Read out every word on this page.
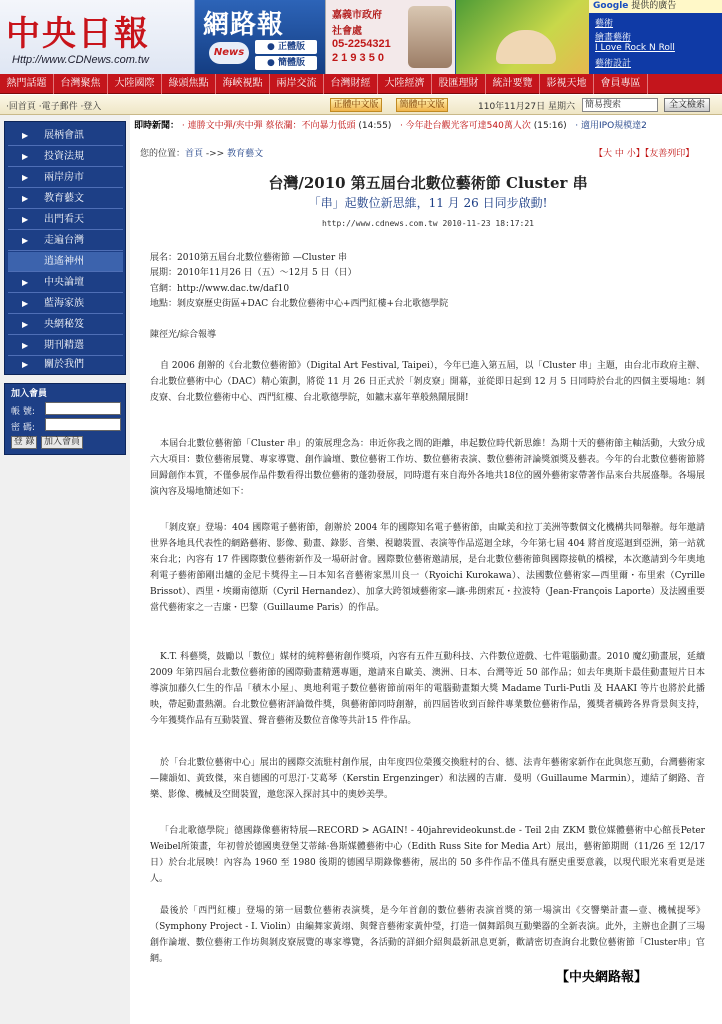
中央日報
Http://www.CDNews.com.tw
網路報
News	● 正體版
● 簡體版
嘉義市政府
社會處
05-2254321
2 1 9 3 5 0
Google 提供的廣告
藝術
繪畫藝術
I Love Rock N Roll
藝術設計
熱門話題	台灣聚焦	大陸國際	綠頭焦點	海峽視點	兩岸交流	台灣財經	大陸經濟	股匯理財	統計要覽	影視天地	會員專區
‧回首頁 ‧電子郵件 ‧登入	正體中文版	簡體中文版	110年11月27日 星期六	簡易搜索	全文檢索
▶ 展柄會訊
▶ 投資法規
▶ 兩岸房市
▶ 教育藝文
▶ 出門看天
▶ 走遍台灣
逍遙神州
▶ 中央論壇
▶ 藍海家族
▶ 央網秘笈
▶ 期刊精選
▶ 關於我們
加入會員
帳 號:
密 碼:
登 錄	加入會員
即時新聞： ‧ 連勝文中彈/夾中彈 蔡依瀾：不向暴力低頭 (14:55) ‧ 今年赴台觀光客可達540萬人次 (15:16) ‧ 適用IPO規模達2
您的位置：首頁 ->> 教育藝文	【大 中 小】【友善列印】
台灣/2010 第五屆台北數位藝術節 Cluster 串
「串」起數位新思維，11 月 26 日同步啟動!
http://www.cdnews.com.tw 2010-11-23 18:17:21
展名：2010第五屆台北數位藝術節 —Cluster 串
展期：2010年11月26 日（五）～12月 5 日（日）
官網：http://www.dac.tw/daf10
地點：剝皮寮歷史街區+DAC 台北數位藝術中心+西門紅樓+台北歌德學院
陳徑光/綜合報導
自 2006 創辦的《台北數位藝術節》（Digital Art Festival, Taipei），今年已進入第五屆，以「Cluster 串」主題，由台北市政府主辦、台北數位藝術中心（DAC）精心策劃，將從 11 月 26 日正式於「剝皮寮」開幕，並從即日起到 12 月 5 日同時於台北的四個主要場地：剝皮寮、台北數位藝術中心、西門紅樓、台北歌德學院，如鑣末嘉年華般熱鬧展開!
本屆台北數位藝術節「Cluster 串」的策展理念為：串近你我之間的距離，串起數位時代新思維！為期十天的藝術節主軸活動，大致分成六大項目：數位藝術展覽、專家導覽、創作論壇、數位藝術工作坊、數位藝術表演、數位藝術評論獎頒獎及藝表。今年的台北數位藝術節將回歸創作本質，不僅參展作品件數看得出數位藝術的蓬勃發展，同時還有來自海外各地共18位的國外藝術家帶著作品來台共展盛舉。各場展演內容及場地簡述如下：
「剝皮寮」登場：404 國際電子藝術節，創辦於 2004 年的國際知名電子藝術節，由歐美和拉丁美洲等數個文化機構共同舉辦。每年邀請世界各地具代表性的網路藝術、影像、動畫、錄影、音樂、視聽裝置、表演等作品巡迴全球，今年第七屆 404 將首度巡迴到亞洲，第一站就來台北；內容有 17 件國際數位藝術新作及一場研討會。國際數位藝術邀請展，是台北數位藝術節與國際接軌的橋樑，本次邀請到今年奧地利電子藝術節剛出爐的金尼卡獎得主—日本知名音藝術家黑川良一（Ryoichi Kurokawa）、法國數位藝術家—西里爾・布里索（Cyrille Brissot）、西里・埃爾南德斯（Cyril Hernandez）、加拿大跨領域藝術家—讓-弗朗索瓦・拉波特（Jean-François Laporte）及法國重要當代藝術家之一吉廉・巴黎（Guillaume Paris）的作品。
K.T. 科藝獎，鼓勵以「數位」媒材的純粹藝術創作獎項，內容有五件互動科技、六件數位遊戲、七件電腦動畫。2010 魔幻動畫展，延續 2009 年第四屆台北數位藝術節的國際動畫精選專題，邀請來自歐美、澳洲、日本、台灣等近 50 部作品；如去年奧斯卡最佳動畫短片日本導演加藤久仁生的作品「積木小屋」、奧地利電子數位藝術節前兩年的電腦動畫類大獎 Madame Turli-Putli 及 HAAKI 等片也將於此播映，帶起動畫熱潮。台北數位藝術評論徵件獎，與藝術節同時創辦，前四屆皆收到百餘件專業數位藝術作品，獲獎者橫跨各界背景與支持，今年獲獎作品有互動裝置、聲音藝術及數位音像等共計15 件作品。
於「台北數位藝術中心」展出的國際交流駐村創作展，由年度四位榮獲交換駐村的台、德、法青年藝術家新作在此與您互動，台灣藝術家—陳韻如、黃致傑，來自德國的可思汀·艾葛琴（Kerstin Ergenzinger）和法國的吉庸．曼明（Guillaume Marmin），連結了網路、音樂、影像、機械及空間裝置，邀您深入探討其中的奧妙美學。
「台北歌德學院」德國錄像藝術特展—RECORD > AGAIN! - 40jahrevideokunst.de - Teil 2由 ZKM 數位媒體藝術中心館長Peter Weibel所策畫，年初曾於德國奧登堡艾蒂絲·魯斯媒體藝術中心（Edith Russ Site for Media Art）展出，藝術節期間（11/26 至 12/17 日）於台北展映！內容為 1960 至 1980 後期的德國早期錄像藝術，展出的 50 多件作品不僅具有歷史重要意義，以現代眼光來看更是迷人。
最後於「西門紅樓」登場的第一屆數位藝術表演獎，是今年首創的數位藝術表演首獎的第一場演出《交響樂計畫—壹、機械提琴》（Symphony Project - I. Violin）由編舞家黃翊、與聲音藝術家黃仲瑩，打造一個舞蹈與互動樂器的全新表演。此外，主辦也企劃了三場創作論壇、數位藝術工作坊與剝皮寮展覽的專家導覽，各活動的詳細介紹與最新訊息更新，歡請密切查詢台北數位藝術節「Cluster串」官網。
【中央網路報】
